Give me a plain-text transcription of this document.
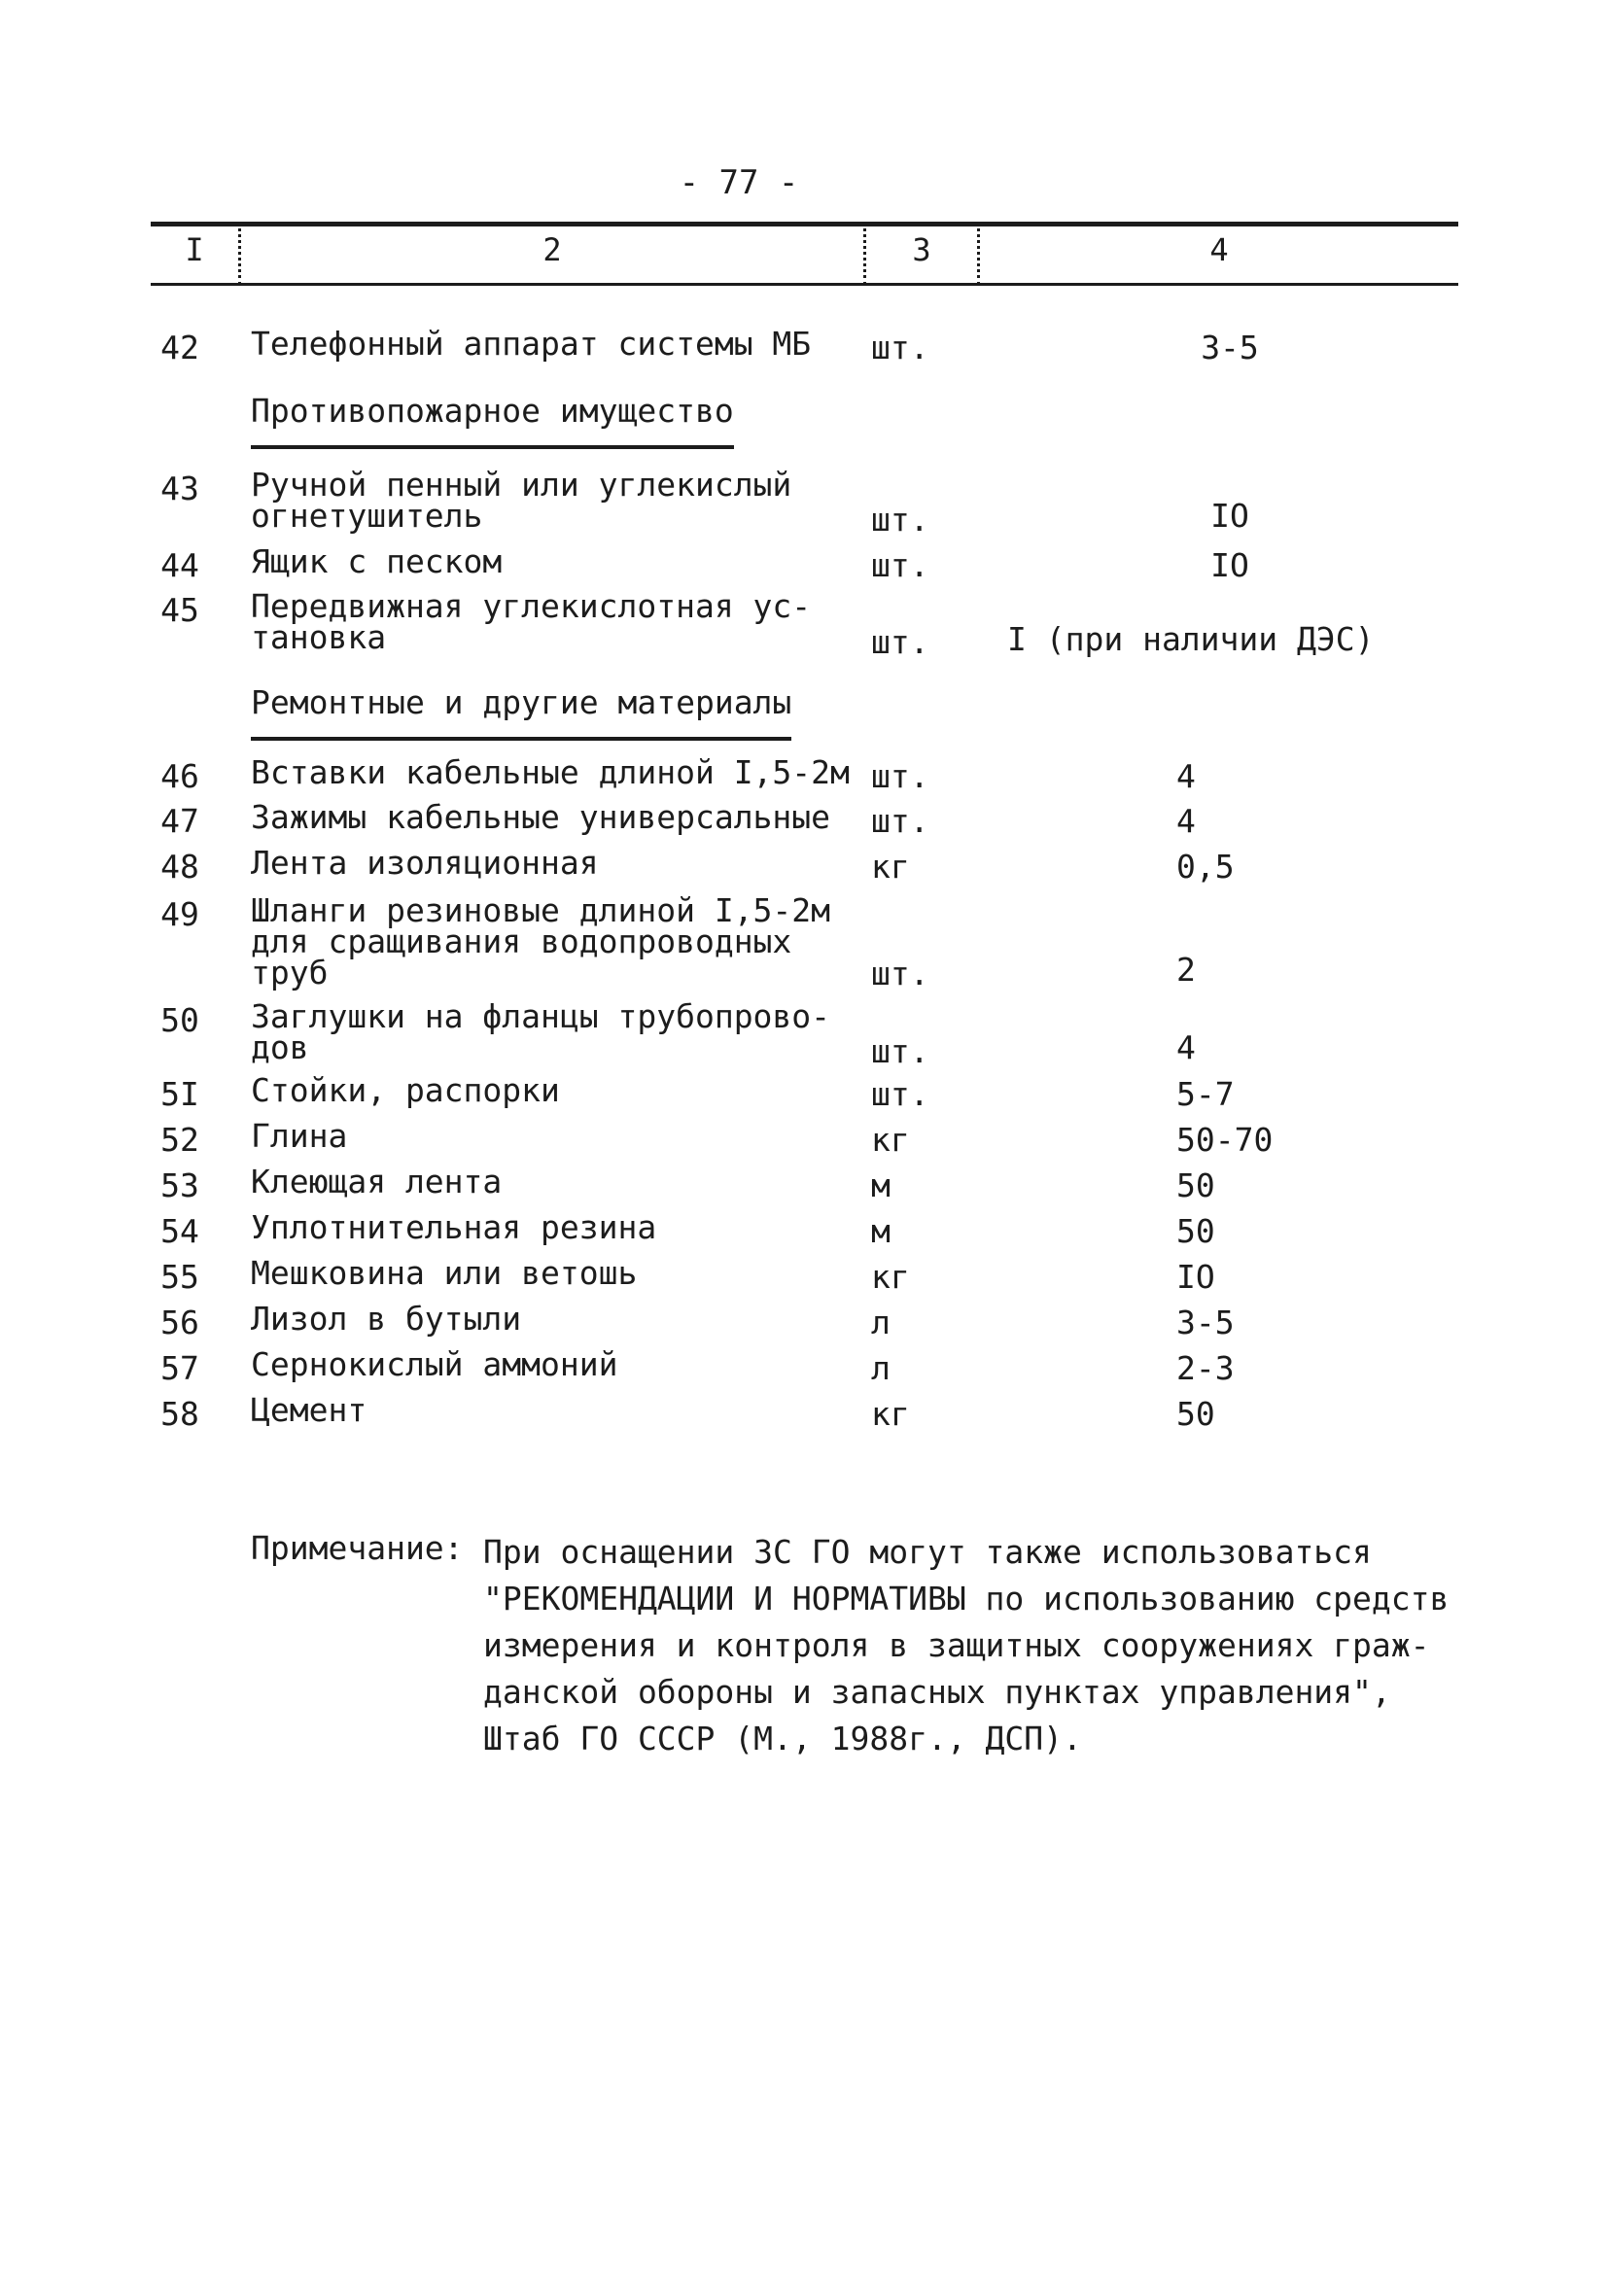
- 77 -
I	2	3	4
42	Телефонный аппарат системы МБ	шт.	3-5
Противопожарное имущество
43	Ручной пенный или углекислый
огнетушитель	шт.	IO
44	Ящик с песком	шт.	IO
45	Передвижная углекислотная ус-
тановка	шт. I (при наличии ДЭС)
Ремонтные и другие материалы
46	Вставки кабельные длиной I,5-2м шт.	4
47	Зажимы кабельные универсальные	шт.	4
48	Лента изоляционная	кг	0,5
49	Шланги резиновые длиной I,5-2м
для сращивания водопроводных
труб	шт.	2
50	Заглушки на фланцы трубопрово-
дов	шт.	4
5I	Стойки, распорки	шт.	5-7
52	Глина	кг	50-70
53	Клеющая лента	м	50
54	Уплотнительная резина	м	50
55	Мешковина или ветошь	кг	IO
56	Лизол в бутыли	л	3-5
57	Сернокислый аммоний	л	2-3
58	Цемент	кг	50
Примечание: При оснащении ЗС ГО могут также использоваться
"РЕКОМЕНДАЦИИ И НОРМАТИВЫ по использованию средств
измерения и контроля в защитных сооружениях граж-
данской обороны и запасных пунктах управления",
Штаб ГО СССР (М., 1988г., ДСП).
